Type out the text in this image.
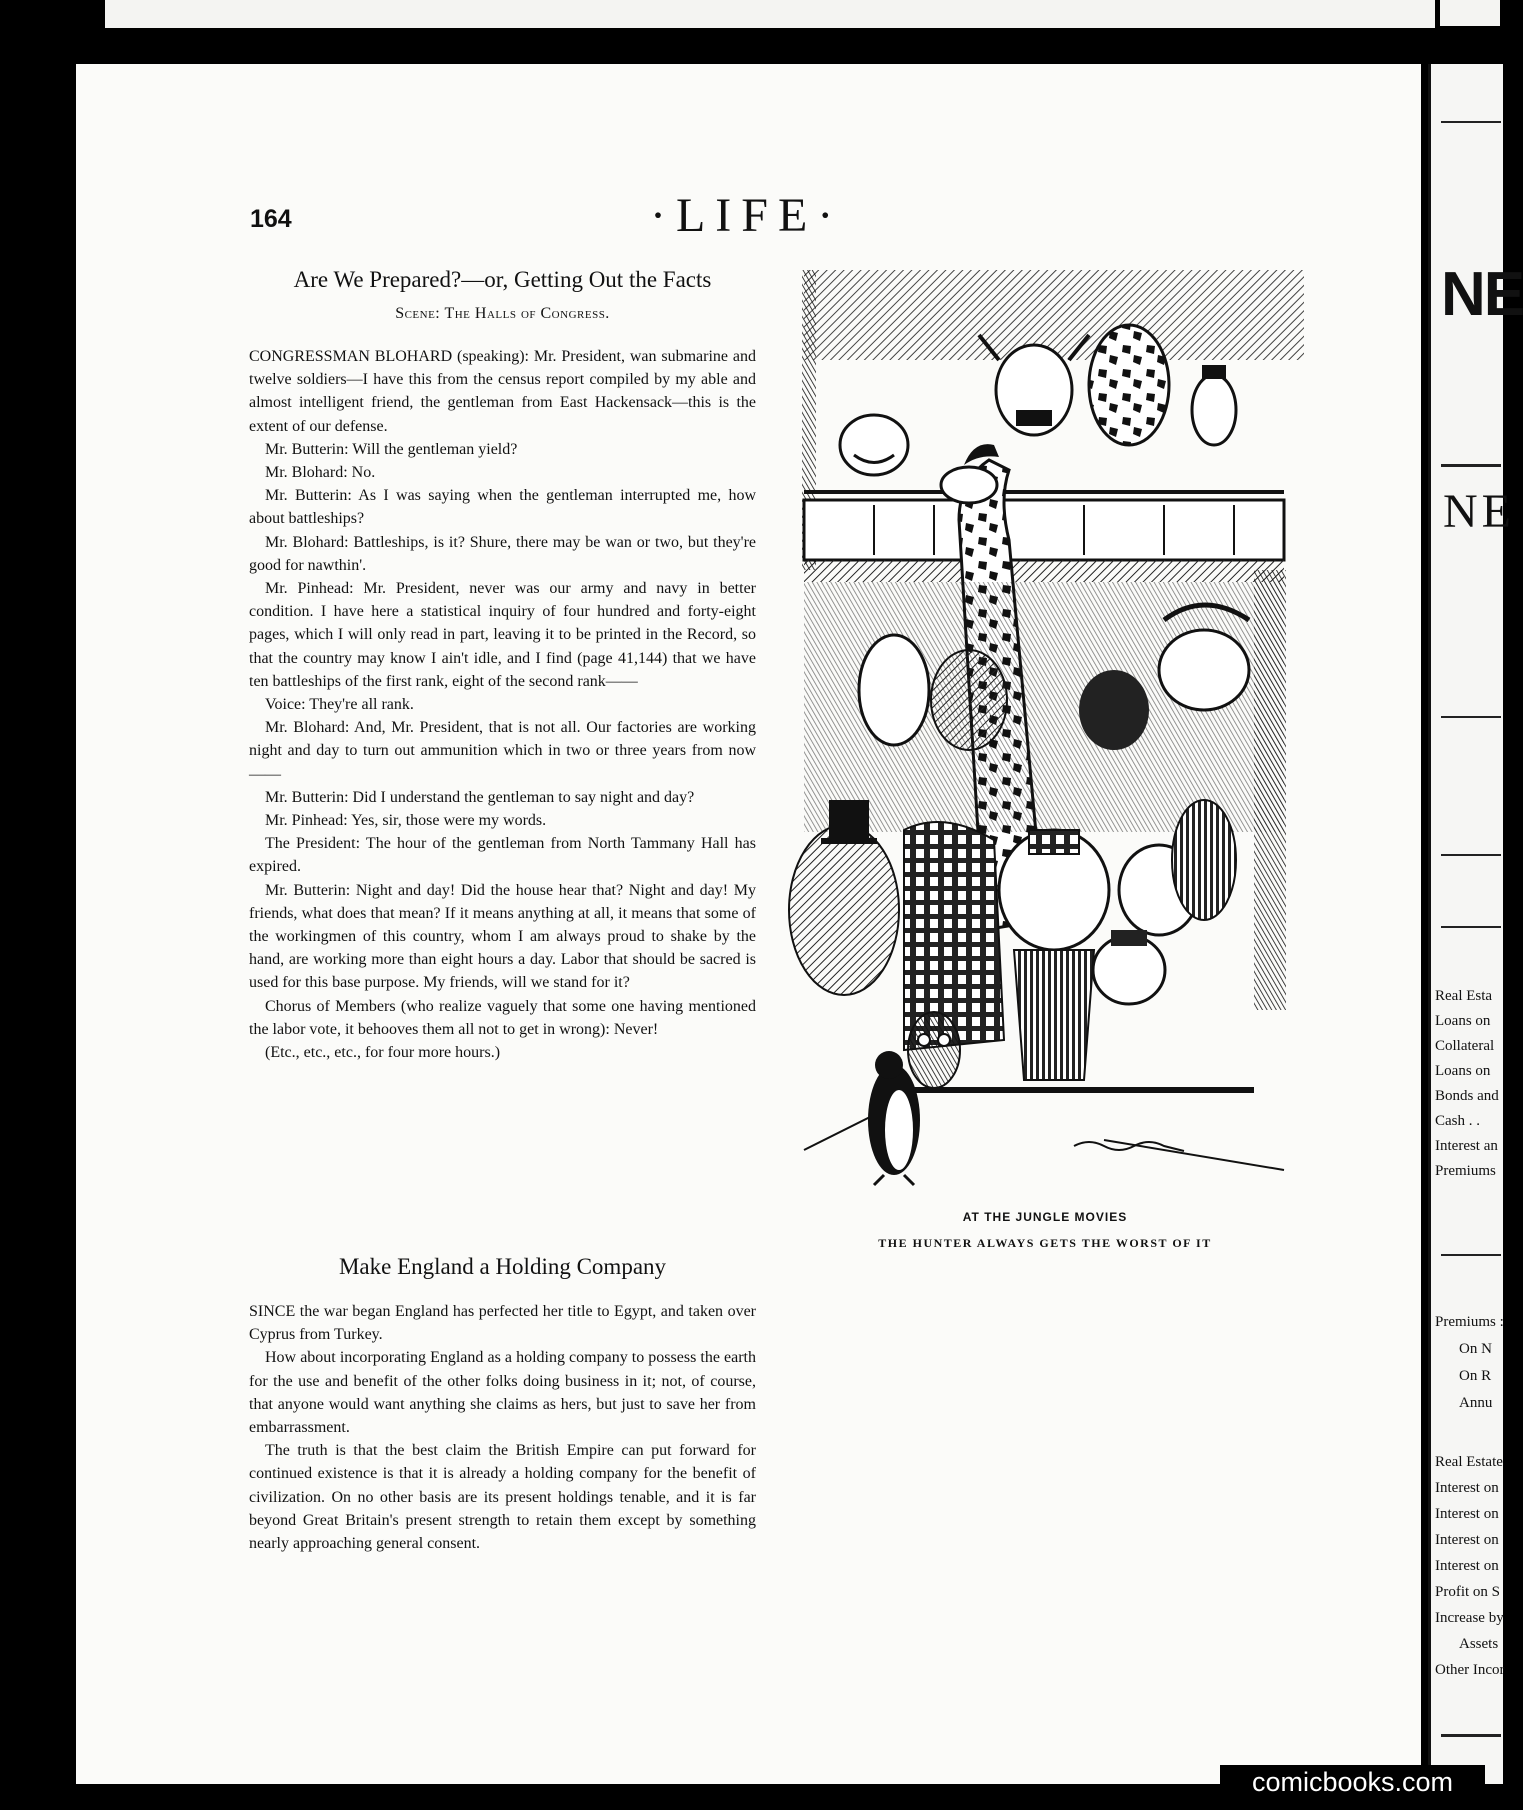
164	·LIFE·
Are We Prepared?—or, Getting Out the Facts
Scene: The Halls of Congress.

CONGRESSMAN BLOHARD (speaking): Mr. President, wan submarine and twelve soldiers—I have this from the census report compiled by my able and almost intelligent friend, the gentleman from East Hackensack—this is the extent of our defense.

Mr. Butterin: Will the gentleman yield?

Mr. Blohard: No.

Mr. Butterin: As I was saying when the gentleman interrupted me, how about battleships?

Mr. Blohard: Battleships, is it? Shure, there may be wan or two, but they're good for nawthin'.

Mr. Pinhead: Mr. President, never was our army and navy in better condition. I have here a statistical inquiry of four hundred and forty-eight pages, which I will only read in part, leaving it to be printed in the Record, so that the country may know I ain't idle, and I find (page 41,144) that we have ten battleships of the first rank, eight of the second rank——

Voice: They're all rank.

Mr. Blohard: And, Mr. President, that is not all. Our factories are working night and day to turn out ammunition which in two or three years from now——

Mr. Butterin: Did I understand the gentleman to say night and day?

Mr. Pinhead: Yes, sir, those were my words.

The President: The hour of the gentleman from North Tammany Hall has expired.

Mr. Butterin: Night and day! Did the house hear that? Night and day! My friends, what does that mean? If it means anything at all, it means that some of the workingmen of this country, whom I am always proud to shake by the hand, are working more than eight hours a day. Labor that should be sacred is used for this base purpose. My friends, will we stand for it?

Chorus of Members (who realize vaguely that some one having mentioned the labor vote, it behooves them all not to get in wrong): Never!

(Etc., etc., etc., for four more hours.)

Make England a Holding Company

SINCE the war began England has perfected her title to Egypt, and taken over Cyprus from Turkey.

How about incorporating England as a holding company to possess the earth for the use and benefit of the other folks doing business in it; not, of course, that anyone would want anything she claims as hers, but just to save her from embarrassment.

The truth is that the best claim the British Empire can put forward for continued existence is that it is already a holding company for the benefit of civilization. On no other basis are its present holdings tenable, and it is far beyond Great Britain's present strength to retain them except by something nearly approaching general consent.

AT THE JUNGLE MOVIES
THE HUNTER ALWAYS GETS THE WORST OF IT
NE
NE
Real Esta
Loans on
Collateral
Loans on
Bonds and
Cash . .
Interest an
Premiums
Premiums :
On N
On R
Annu
Real Estate
Interest on
Interest on
Interest on
Interest on
Profit on S
Increase by
Assets
Other Incor
comicbooks.com
